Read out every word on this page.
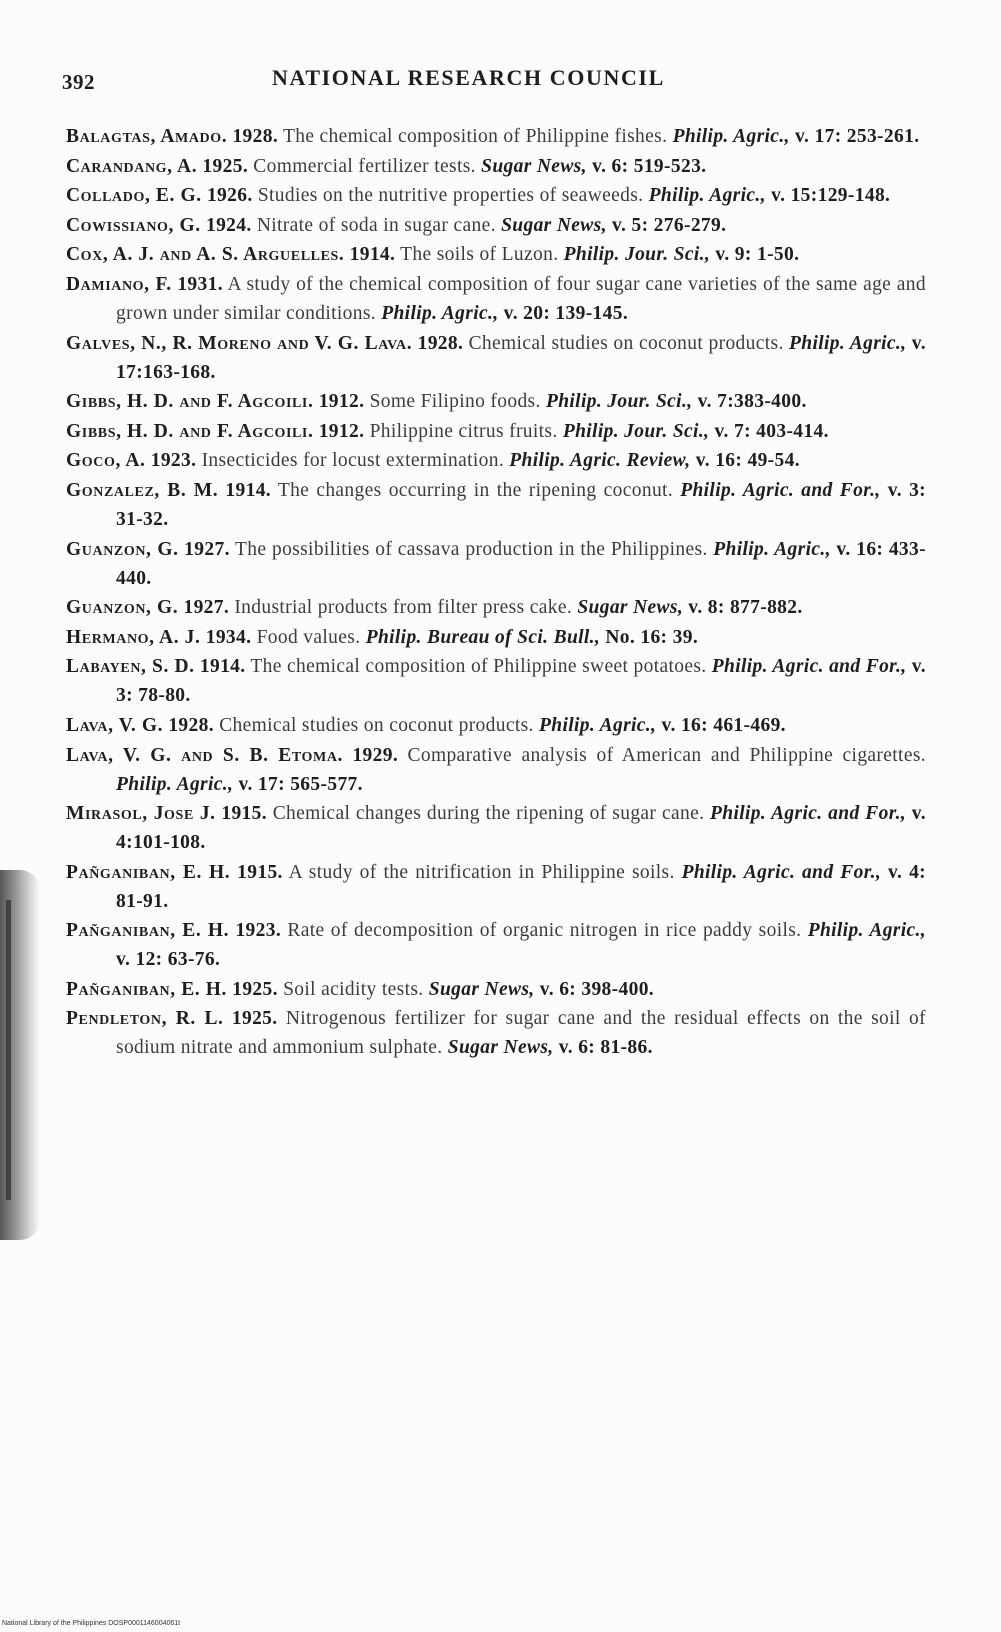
392	NATIONAL RESEARCH COUNCIL
Balagtas, Amado. 1928. The chemical composition of Philippine fishes. Philip. Agric., v. 17: 253-261.
Carandang, A. 1925. Commercial fertilizer tests. Sugar News, v. 6: 519-523.
Collado, E. G. 1926. Studies on the nutritive properties of seaweeds. Philip. Agric., v. 15:129-148.
Cowissiano, G. 1924. Nitrate of soda in sugar cane. Sugar News, v. 5: 276-279.
Cox, A. J. and A. S. Arguelles. 1914. The soils of Luzon. Philip. Jour. Sci., v. 9: 1-50.
Damiano, F. 1931. A study of the chemical composition of four sugar cane varieties of the same age and grown under similar conditions. Philip. Agric., v. 20: 139-145.
Galves, N., R. Moreno and V. G. Lava. 1928. Chemical studies on coconut products. Philip. Agric., v. 17:163-168.
Gibbs, H. D. and F. Agcoili. 1912. Some Filipino foods. Philip. Jour. Sci., v. 7:383-400.
Gibbs, H. D. and F. Agcoili. 1912. Philippine citrus fruits. Philip. Jour. Sci., v. 7: 403-414.
Goco, A. 1923. Insecticides for locust extermination. Philip. Agric. Review, v. 16: 49-54.
Gonzalez, B. M. 1914. The changes occurring in the ripening coconut. Philip. Agric. and For., v. 3: 31-32.
Guanzon, G. 1927. The possibilities of cassava production in the Philippines. Philip. Agric., v. 16: 433-440.
Guanzon, G. 1927. Industrial products from filter press cake. Sugar News, v. 8: 877-882.
Hermano, A. J. 1934. Food values. Philip. Bureau of Sci. Bull., No. 16: 39.
Labayen, S. D. 1914. The chemical composition of Philippine sweet potatoes. Philip. Agric. and For., v. 3: 78-80.
Lava, V. G. 1928. Chemical studies on coconut products. Philip. Agric., v. 16: 461-469.
Lava, V. G. and S. B. Etoma. 1929. Comparative analysis of American and Philippine cigarettes. Philip. Agric., v. 17: 565-577.
Mirasol, Jose J. 1915. Chemical changes during the ripening of sugar cane. Philip. Agric. and For., v. 4:101-108.
Pañganiban, E. H. 1915. A study of the nitrification in Philippine soils. Philip. Agric. and For., v. 4: 81-91.
Pañganiban, E. H. 1923. Rate of decomposition of organic nitrogen in rice paddy soils. Philip. Agric., v. 12: 63-76.
Pañganiban, E. H. 1925. Soil acidity tests. Sugar News, v. 6: 398-400.
Pendleton, R. L. 1925. Nitrogenous fertilizer for sugar cane and the residual effects on the soil of sodium nitrate and ammonium sulphate. Sugar News, v. 6: 81-86.
National Library of the Philippines DOSP0001146004061t
